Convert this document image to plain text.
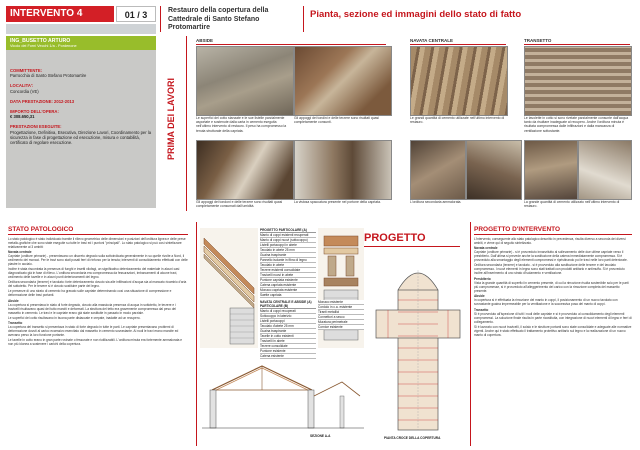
INTERVENTO 4	01 / 3	Restauro della copertura della Cattedrale di Santo Stefano Protomartire
Pianta, sezione ed immagini dello stato di fatto
ING_BUSETTO ARTURO
Vicolo dei Forni Vecchi 1/a - Pordenone
COMMITTENTE:
Parrocchia di Santo Stefano Protomartire
LOCALITA':
Concordia (VE)
DATA PRESTAZIONE: 2012-2013
IMPORTO DELL'OPERA:
€ 308.650,31
PRESTAZIONI ESEGUITE:
Progettazione, Definitiva, Esecutiva, Direzione Lavori, Coordinamento per la sicurezza in fase di progettazione ed esecuzione, misura e contabilità, certificato di regolare esecuzione.	PRIMA DEI LAVORI
ABSIDE	NAVATA CENTRALE	TRANSETTO
Le superfici del cotto stanzate e le sue listelle parzialmente asportate e sostenute dalla carta in cemento eseguita nell'ultimo intervento di restauro. Il peso ha compromesso la tenuta strutturale della capriata.
Gli appoggi dei tondini e delle terzere sono risultati quasi completamente consunti.
Le grandi quantità di cemento utilizzate nell'ultimo intervento di restauro.
Le tavolette in cotto si sono rivelate parzialmente consunte dall'acqua tanto da risultare inadeguate al recupero. Anche l'orditura minuta è risultata compromessa dalle infiltrazioni e dalla mancanza di ventilazione sottostante.
Gli appoggi dei tondoni e delle terzere sono risultati quasi completamente consumati dall'umidità.
La vistosa spaccatura presente nel portone della capriata.	L'orditura secondaria ammalorata.	La grande quantità di cemento utilizzato nell'ultimo intervento di restauro.
STATO PATOLOGICO
Lo stato patologico è stato individuato tramite il rilievo geometrico delle dimensioni e posizioni dell'orditura lignea e delle prese metallo-grafiche che sono state eseguite su tutte le travi ed i puntoni "principali". Lo stato patologico si può così sintetizzare relativamente ai 3 ambiti:
Navata centrale
Capriate (orditure primarie) - presentavano un discreto degrado sulla sottoindicata generalmente in su quelle rivolte a Nord, il cedimento dei monaci. Per le travi sono stati posati ferri di rinforzo per la tenuta; interventi di consolidamento effettuati con delle piastre in acciaio.
Inoltre è stata riscontrata la presenza di funghi e insetti xilofagi, un significativo deterioramento del materiale in alcuni casi diagnosticato già in fase di rilievo. L'orditura secondaria era compromessa da fessurazioni, imbarcamenti di alcune travi, cedimento delle tavelle e in alcuni punti deterioramenti del legno.
Orditura secondaria (terzere) e tavolato: forte deterioramento dovuto sia alle infiltrazioni d'acqua sia al mancato ricambio d'aria del sottotetto. Per le terzere si è dovuto sostituire parte del legno.
Le presenze di uno strato di cemento ha gravato sulle capriate determinando così una situazione di compressione e deformazione delle travi portanti.
Abside
La copertura si presentava in stato di forte degrado, dovuto alla massiccia presenza di acqua in sottotetto, le terzere e i travicelli risultavano quasi del tutto marciti e deformati. La struttura del tetto era gravemente compromessa dal peso del massetto in cemento. Le travi e le capriate erano già state sostituite in passato in modo parziale.
Le superfici del cotto risultavano in buona parte distaccate e crepate, inadatte ad un recupero.
Transetto
La copertura del transetto si presentava in stato di forte degrado in tutte le parti. Le capriate presentavano problemi di deformazione dovuti al carico eccessivo esercitato dal massetto in cemento sovrastante. Ai nodi le travi erano marcite ed avevano perso la loro funzione portante.
Le tavelle in cotto erano in gran parte rovinate o fessurate e non riutilizzabili. L'orditura minuta era fortemente ammalorata e non più idonea a sostenere i carichi della copertura.
PROGETTO PARTICOLARE (A)
Manto di coppi esistenti recuperati
Manto di coppi nuovi (sottocoppo)
Listelli portacoppi in abete
Tavolato in abete 25 mm
Guaina traspirante
Pannello isolante in fibra di legno
Tavolato in abete
Terzere esistenti consolidate
Travicelli nuovi in abete
Puntone capriata esistente
Catena capriata esistente
Monaco capriata esistente
Saette capriata
PROGETTO
SEZIONE A-A	PIANTA CROCE DELLA COPERTURA
PROGETTO D'INTERVENTO
L'intervento, conseguente allo stato patologico descritto in precedenza, risulta diverso a seconda dei diversi ambiti, e viene qui di seguito sintetizzato.
Navata centrale
Capriate (orditure primarie) - si è provveduto innanzitutto al sollevamento delle due ultime capriate verso il presbiterio. Dall'ultima si prevede anche la sostituzione della catena immediatamente compromessa. Si è provveduto alla smontaggio degli elementi compromessi e ripristinando poi le travi nelle loro parti deteriorate.
Orditura secondaria (terzere) e tavolato - si è provveduto alla sostituzione delle terzere e del tavolato compromesso. I nuovi elementi in legno sono stati trattati con prodotti antitarlo e antimuffa. Si è provveduto inoltre all'inserimento di uno strato d'isolamento e ventilazione.
Presbiterio
Vista la grande quantità di superfici in cemento presente, di cui la rimozione risulta sostenibile solo per le parti più compromesse, si è provveduto all'alleggerimento del carico con la rimozione completa del massetto presente.
Abside
In copertura si è effettuata la rimozione del manto in coppi, il posizionamento di un nuovo tavolato con sovrastante guaina impermeabile per la ventilazione e la successiva posa del manto di coppi.
Transetto
Si è provveduto all'ispezione di tutti i nodi delle capriate e si è provveduto al consolidamento degli elementi compromessi. La soluzione finale risulta in parte ricostituita, con integrazione di nuovi elementi di legno e ferri di collegamento.
Si è lavorato con nuovi travicelli, il solaio e le strutture portanti sono state consolidate e adeguate alle normative vigenti. Anche qui è stato effettuato il trattamento protettivo antitarlo sul legno e la realizzazione di un nuovo manto di copertura.
NAVATA CENTRALE E ABSIDE (A) PARTICOLARE (B)
Manto di coppi recuperati
Sottocoppo in laterizio
Listelli portacoppi
Tavolato d'abete 25 mm
Guaina traspirante
Tavelle in cotto esistenti
Travicelli in abete
Terzere consolidate
Puntone esistente
Catena esistente
Monaco esistente
Cordolo in c.a. esistente
Tiranti metallici
Connettori a secco
Muratura perimetrale
Cornice esistente
